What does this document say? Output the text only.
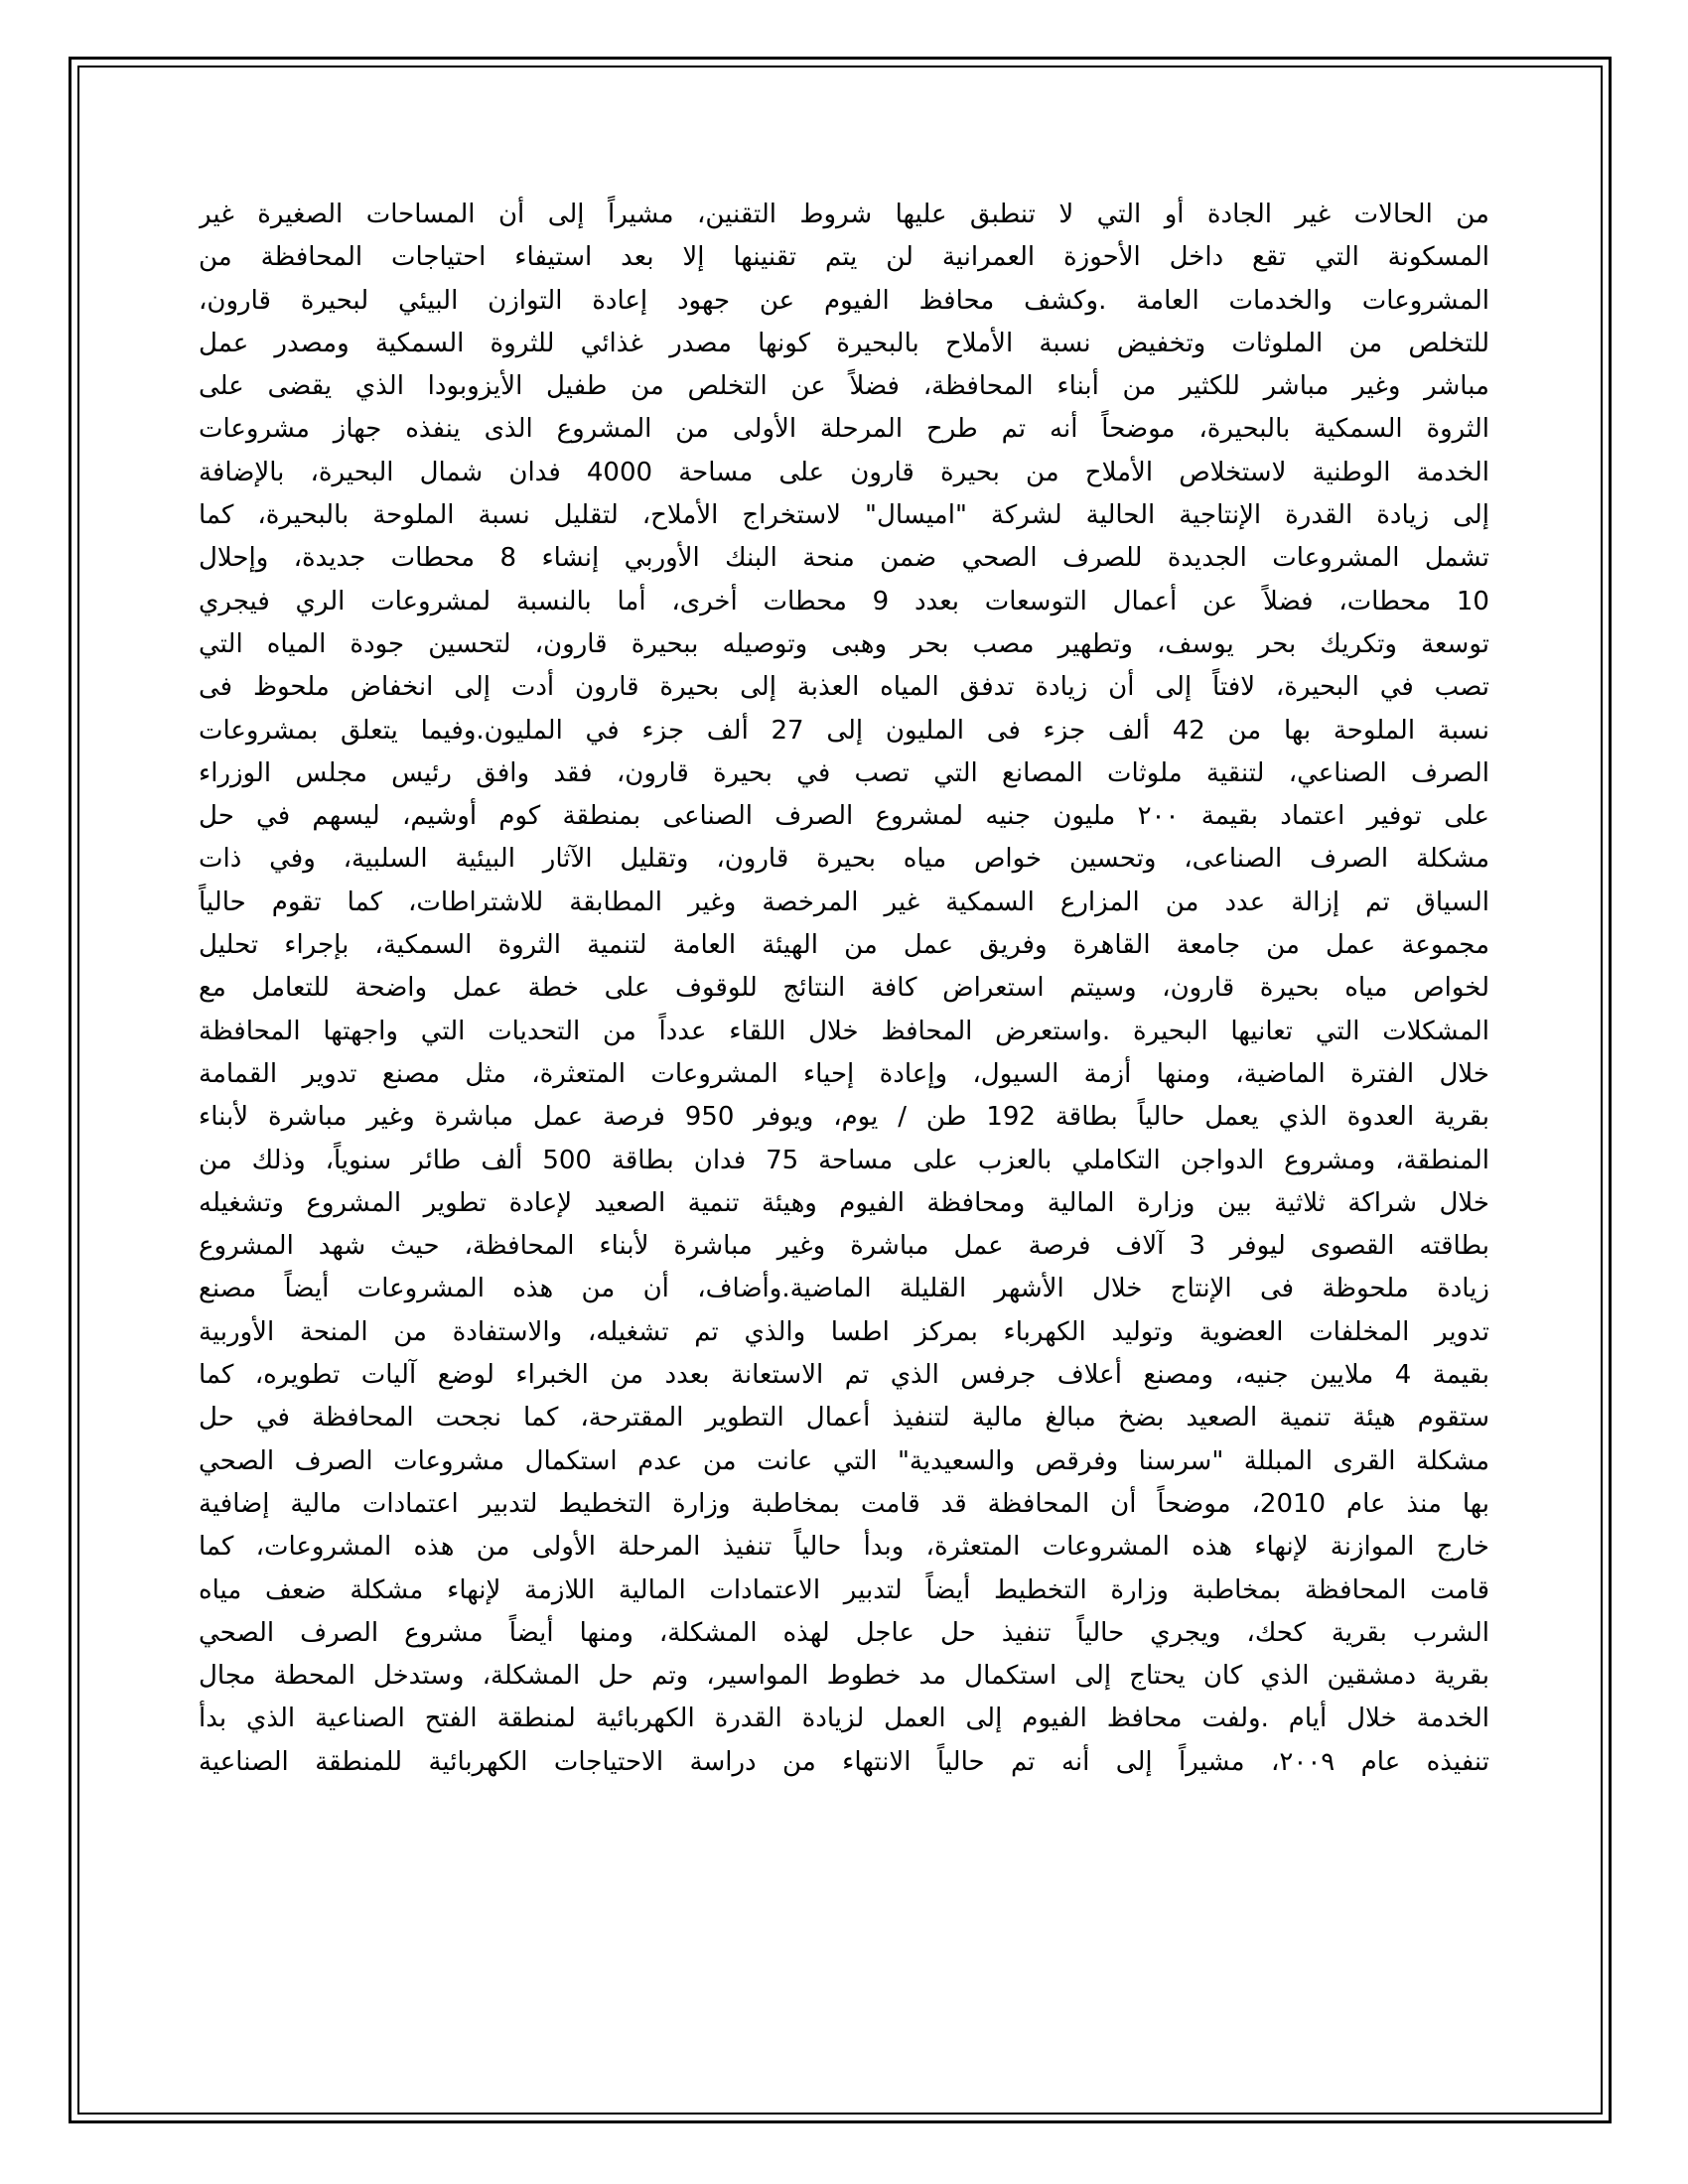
من الحالات غير الجادة أو التي لا تنطبق عليها شروط التقنين، مشيراً إلى أن المساحات الصغيرة غير
المسكونة التي تقع داخل الأحوزة العمرانية لن يتم تقنينها إلا بعد استيفاء احتياجات المحافظة من
المشروعات والخدمات العامة .وكشف محافظ الفيوم عن جهود إعادة التوازن البيئي لبحيرة قارون،
للتخلص من الملوثات وتخفيض نسبة الأملاح بالبحيرة كونها مصدر غذائي للثروة السمكية ومصدر عمل
مباشر وغير مباشر للكثير من أبناء المحافظة، فضلاً عن التخلص من طفيل الأيزوبودا الذي يقضى على
الثروة السمكية بالبحيرة، موضحاً أنه تم طرح المرحلة الأولى من المشروع الذى ينفذه جهاز مشروعات
الخدمة الوطنية لاستخلاص الأملاح من بحيرة قارون على مساحة 4000 فدان شمال البحيرة، بالإضافة
إلى زيادة القدرة الإنتاجية الحالية لشركة "اميسال" لاستخراج الأملاح، لتقليل نسبة الملوحة بالبحيرة، كما
تشمل المشروعات الجديدة للصرف الصحي ضمن منحة البنك الأوربي إنشاء 8 محطات جديدة، وإحلال
10 محطات، فضلاً عن أعمال التوسعات بعدد 9 محطات أخرى، أما بالنسبة لمشروعات الري فيجري
توسعة وتكريك بحر يوسف، وتطهير مصب بحر وهبى وتوصيله ببحيرة قارون، لتحسين جودة المياه التي
تصب في البحيرة، لافتاً إلى أن زيادة تدفق المياه العذبة إلى بحيرة قارون أدت إلى انخفاض ملحوظ فى
نسبة الملوحة بها من 42 ألف جزء فى المليون إلى 27 ألف جزء في المليون.وفيما يتعلق بمشروعات
الصرف الصناعي، لتنقية ملوثات المصانع التي تصب في بحيرة قارون، فقد وافق رئيس مجلس الوزراء
على توفير اعتماد بقيمة ٢٠٠ مليون جنيه لمشروع الصرف الصناعى بمنطقة كوم أوشيم، ليسهم في حل
مشكلة الصرف الصناعى، وتحسين خواص مياه بحيرة قارون، وتقليل الآثار البيئية السلبية، وفي ذات
السياق تم إزالة عدد من المزارع السمكية غير المرخصة وغير المطابقة للاشتراطات، كما تقوم حالياً
مجموعة عمل من جامعة القاهرة وفريق عمل من الهيئة العامة لتنمية الثروة السمكية، بإجراء تحليل
لخواص مياه بحيرة قارون، وسيتم استعراض كافة النتائج للوقوف على خطة عمل واضحة للتعامل مع
المشكلات التي تعانيها البحيرة .واستعرض المحافظ خلال اللقاء عدداً من التحديات التي واجهتها المحافظة
خلال الفترة الماضية، ومنها أزمة السيول، وإعادة إحياء المشروعات المتعثرة، مثل مصنع تدوير القمامة
بقرية العدوة الذي يعمل حالياً بطاقة 192 طن / يوم، ويوفر 950 فرصة عمل مباشرة وغير مباشرة لأبناء
المنطقة، ومشروع الدواجن التكاملي بالعزب على مساحة 75 فدان بطاقة 500 ألف طائر سنوياً، وذلك من
خلال شراكة ثلاثية بين وزارة المالية ومحافظة الفيوم وهيئة تنمية الصعيد لإعادة تطوير المشروع وتشغيله
بطاقته القصوى ليوفر 3 آلاف فرصة عمل مباشرة وغير مباشرة لأبناء المحافظة، حيث شهد المشروع
زيادة ملحوظة فى الإنتاج خلال الأشهر القليلة الماضية.وأضاف، أن من هذه المشروعات أيضاً مصنع
تدوير المخلفات العضوية وتوليد الكهرباء بمركز اطسا والذي تم تشغيله، والاستفادة من المنحة الأوربية
بقيمة 4 ملايين جنيه، ومصنع أعلاف جرفس الذي تم الاستعانة بعدد من الخبراء لوضع آليات تطويره، كما
ستقوم هيئة تنمية الصعيد بضخ مبالغ مالية لتنفيذ أعمال التطوير المقترحة، كما نجحت المحافظة في حل
مشكلة القرى المبللة "سرسنا وفرقص والسعيدية" التي عانت من عدم استكمال مشروعات الصرف الصحي
بها منذ عام 2010، موضحاً أن المحافظة قد قامت بمخاطبة وزارة التخطيط لتدبير اعتمادات مالية إضافية
خارج الموازنة لإنهاء هذه المشروعات المتعثرة، وبدأ حالياً تنفيذ المرحلة الأولى من هذه المشروعات، كما
قامت المحافظة بمخاطبة وزارة التخطيط أيضاً لتدبير الاعتمادات المالية اللازمة لإنهاء مشكلة ضعف مياه
الشرب بقرية كحك، ويجري حالياً تنفيذ حل عاجل لهذه المشكلة، ومنها أيضاً مشروع الصرف الصحي
بقرية دمشقين الذي كان يحتاج إلى استكمال مد خطوط المواسير، وتم حل المشكلة، وستدخل المحطة مجال
الخدمة خلال أيام .ولفت محافظ الفيوم إلى العمل لزيادة القدرة الكهربائية لمنطقة الفتح الصناعية الذي بدأ
تنفيذه عام ٢٠٠٩، مشيراً إلى أنه تم حالياً الانتهاء من دراسة الاحتياجات الكهربائية للمنطقة الصناعية
